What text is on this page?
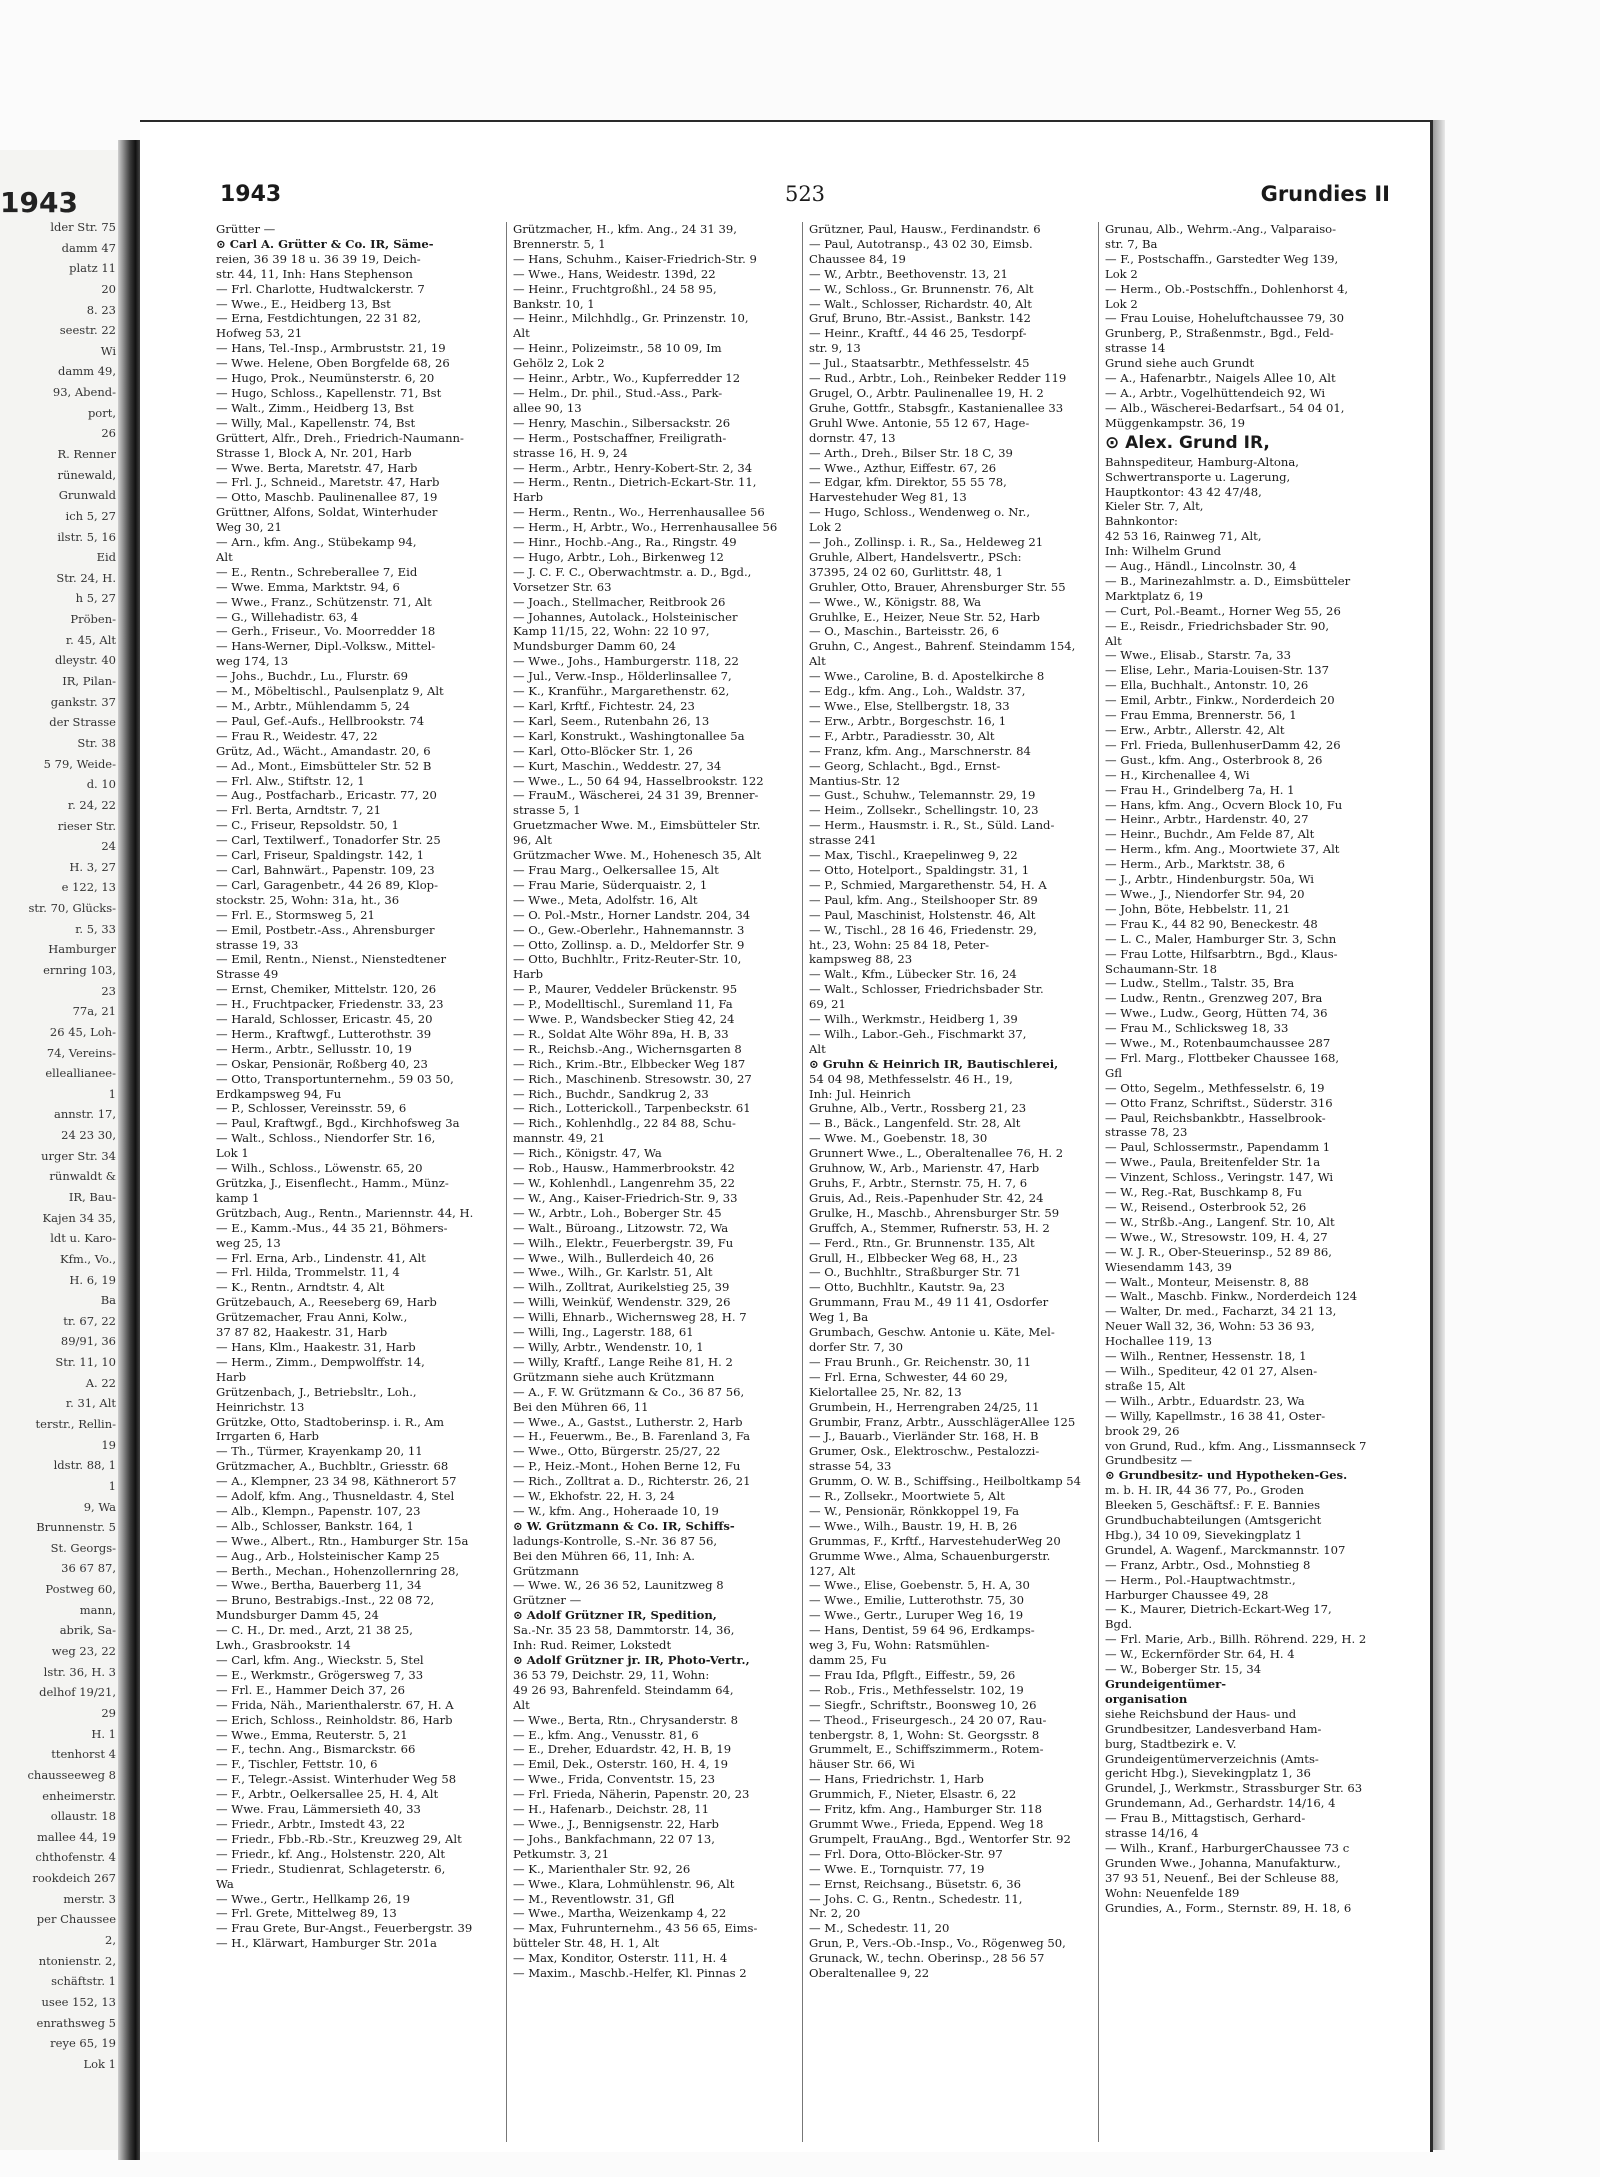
1943
lder Str. 75
damm 47
platz 11
20
8. 23
seestr. 22
Wi
damm 49,
93, Abend-
port,
26
R. Renner
rünewald,
Grunwald
ich 5, 27
ilstr. 5, 16
Eid
Str. 24, H.
h 5, 27
Pröben-
r. 45, Alt
dleystr. 40
IR, Pilan-
gankstr. 37
der Strasse
Str. 38
5 79, Weide-
d. 10
r. 24, 22
rieser Str.
24
H. 3, 27
e 122, 13
str. 70, Glücks-
r. 5, 33
Hamburger
ernring 103,
23
77a, 21
26 45, Loh-
74, Vereins-
elleallianee-
1
annstr. 17,
24 23 30,
urger Str. 34
rünwaldt &
IR, Bau-
Kajen 34 35,
ldt u. Karo-
Kfm., Vo.,
H. 6, 19
Ba
tr. 67, 22
89/91, 36
Str. 11, 10
A. 22
r. 31, Alt
terstr., Rellin-
19
ldstr. 88, 1
1
9, Wa
Brunnenstr. 5
St. Georgs-
36 67 87,
Postweg 60,
mann,
abrik, Sa-
weg 23, 22
lstr. 36, H. 3
delhof 19/21,
29
H. 1
ttenhorst 4
chausseeweg 8
enheimerstr.
ollaustr. 18
mallee 44, 19
chthofenstr. 4
rookdeich 267
merstr. 3
per Chaussee
2,
ntonienstr. 2,
schäftstr. 1
usee 152, 13
enrathsweg 5
reye 65, 19
Lok 1
1943	523	Grundies II
Grütter —
⊙ Carl A. Grütter & Co. IR, Säme-
reien, 36 39 18 u. 36 39 19, Deich-
str. 44, 11, Inh: Hans Stephenson
— Frl. Charlotte, Hudtwalckerstr. 7
— Wwe., E., Heidberg 13, Bst
— Erna, Festdichtungen, 22 31 82,
Hofweg 53, 21
— Hans, Tel.-Insp., Armbruststr. 21, 19
— Wwe. Helene, Oben Borgfelde 68, 26
— Hugo, Prok., Neumünsterstr. 6, 20
— Hugo, Schloss., Kapellenstr. 71, Bst
— Walt., Zimm., Heidberg 13, Bst
— Willy, Mal., Kapellenstr. 74, Bst
Grüttert, Alfr., Dreh., Friedrich-Naumann-
Strasse 1, Block A, Nr. 201, Harb
— Wwe. Berta, Maretstr. 47, Harb
— Frl. J., Schneid., Maretstr. 47, Harb
— Otto, Maschb. Paulinenallee 87, 19
Grüttner, Alfons, Soldat, Winterhuder
Weg 30, 21
— Arn., kfm. Ang., Stübekamp 94,
Alt
— E., Rentn., Schreberallee 7, Eid
— Wwe. Emma, Marktstr. 94, 6
— Wwe., Franz., Schützenstr. 71, Alt
— G., Willehadistr. 63, 4
— Gerh., Friseur., Vo. Moorredder 18
— Hans-Werner, Dipl.-Volksw., Mittel-
weg 174, 13
— Johs., Buchdr., Lu., Flurstr. 69
— M., Möbeltischl., Paulsenplatz 9, Alt
— M., Arbtr., Mühlendamm 5, 24
— Paul, Gef.-Aufs., Hellbrookstr. 74
— Frau R., Weidestr. 47, 22
Grütz, Ad., Wächt., Amandastr. 20, 6
— Ad., Mont., Eimsbütteler Str. 52 B
— Frl. Alw., Stiftstr. 12, 1
— Aug., Postfacharb., Ericastr. 77, 20
— Frl. Berta, Arndtstr. 7, 21
— C., Friseur, Repsoldstr. 50, 1
— Carl, Textilwerf., Tonadorfer Str. 25
— Carl, Friseur, Spaldingstr. 142, 1
— Carl, Bahnwärt., Papenstr. 109, 23
— Carl, Garagenbetr., 44 26 89, Klop-
stockstr. 25, Wohn: 31a, ht., 36
— Frl. E., Stormsweg 5, 21
— Emil, Postbetr.-Ass., Ahrensburger
strasse 19, 33
— Emil, Rentn., Nienst., Nienstedtener
Strasse 49
— Ernst, Chemiker, Mittelstr. 120, 26
— H., Fruchtpacker, Friedenstr. 33, 23
— Harald, Schlosser, Ericastr. 45, 20
— Herm., Kraftwgf., Lutterothstr. 39
— Herm., Arbtr., Sellusstr. 10, 19
— Oskar, Pensionär, Roßberg 40, 23
— Otto, Transportunternehm., 59 03 50,
Erdkampsweg 94, Fu
— P., Schlosser, Vereinsstr. 59, 6
— Paul, Kraftwgf., Bgd., Kirchhofsweg 3a
— Walt., Schloss., Niendorfer Str. 16,
Lok 1
— Wilh., Schloss., Löwenstr. 65, 20
Grützka, J., Eisenflecht., Hamm., Münz-
kamp 1
Grützbach, Aug., Rentn., Mariennstr. 44, H.
— E., Kamm.-Mus., 44 35 21, Böhmers-
weg 25, 13
— Frl. Erna, Arb., Lindenstr. 41, Alt
— Frl. Hilda, Trommelstr. 11, 4
— K., Rentn., Arndtstr. 4, Alt
Grützebauch, A., Reeseberg 69, Harb
Grützemacher, Frau Anni, Kolw.,
37 87 82, Haakestr. 31, Harb
— Hans, Klm., Haakestr. 31, Harb
— Herm., Zimm., Dempwolffstr. 14,
Harb
Grützenbach, J., Betriebsltr., Loh.,
Heinrichstr. 13
Grützke, Otto, Stadtoberinsp. i. R., Am
Irrgarten 6, Harb
— Th., Türmer, Krayenkamp 20, 11
Grützmacher, A., Buchbltr., Griesstr. 68
— A., Klempner, 23 34 98, Käthnerort 57
— Adolf, kfm. Ang., Thusneldastr. 4, Stel
— Alb., Klempn., Papenstr. 107, 23
— Alb., Schlosser, Bankstr. 164, 1
— Wwe., Albert., Rtn., Hamburger Str. 15a
— Aug., Arb., Holsteinischer Kamp 25
— Berth., Mechan., Hohenzollernring 28,
— Wwe., Bertha, Bauerberg 11, 34
— Bruno, Bestrabigs.-Inst., 22 08 72,
Mundsburger Damm 45, 24
— C. H., Dr. med., Arzt, 21 38 25,
Lwh., Grasbrookstr. 14
— Carl, kfm. Ang., Wieckstr. 5, Stel
— E., Werkmstr., Grögersweg 7, 33
— Frl. E., Hammer Deich 37, 26
— Frida, Näh., Marienthalerstr. 67, H. A
— Erich, Schloss., Reinholdstr. 86, Harb
— Wwe., Emma, Reuterstr. 5, 21
— F., techn. Ang., Bismarckstr. 66
— F., Tischler, Fettstr. 10, 6
— F., Telegr.-Assist. Winterhuder Weg 58
— F., Arbtr., Oelkersallee 25, H. 4, Alt
— Wwe. Frau, Lämmersieth 40, 33
— Friedr., Arbtr., Imstedt 43, 22
— Friedr., Fbb.-Rb.-Str., Kreuzweg 29, Alt
— Friedr., kf. Ang., Holstenstr. 220, Alt
— Friedr., Studienrat, Schlageterstr. 6,
Wa
— Wwe., Gertr., Hellkamp 26, 19
— Frl. Grete, Mittelweg 89, 13
— Frau Grete, Bur-Angst., Feuerbergstr. 39
— H., Klärwart, Hamburger Str. 201a
Grützmacher, H., kfm. Ang., 24 31 39,
Brennerstr. 5, 1
— Hans, Schuhm., Kaiser-Friedrich-Str. 9
— Wwe., Hans, Weidestr. 139d, 22
— Heinr., Fruchtgroßhl., 24 58 95,
Bankstr. 10, 1
— Heinr., Milchhdlg., Gr. Prinzenstr. 10,
Alt
— Heinr., Polizeimstr., 58 10 09, Im
Gehölz 2, Lok 2
— Heinr., Arbtr., Wo., Kupferredder 12
— Helm., Dr. phil., Stud.-Ass., Park-
allee 90, 13
— Henry, Maschin., Silbersackstr. 26
— Herm., Postschaffner, Freiligrath-
strasse 16, H. 9, 24
— Herm., Arbtr., Henry-Kobert-Str. 2, 34
— Herm., Rentn., Dietrich-Eckart-Str. 11,
Harb
— Herm., Rentn., Wo., Herrenhausallee 56
— Herm., H, Arbtr., Wo., Herrenhausallee 56
— Hinr., Hochb.-Ang., Ra., Ringstr. 49
— Hugo, Arbtr., Loh., Birkenweg 12
— J. C. F. C., Oberwachtmstr. a. D., Bgd.,
Vorsetzer Str. 63
— Joach., Stellmacher, Reitbrook 26
— Johannes, Autolack., Holsteinischer
Kamp 11/15, 22, Wohn: 22 10 97,
Mundsburger Damm 60, 24
— Wwe., Johs., Hamburgerstr. 118, 22
— Jul., Verw.-Insp., Hölderlinsallee 7,
— K., Kranführ., Margarethenstr. 62,
— Karl, Krftf., Fichtestr. 24, 23
— Karl, Seem., Rutenbahn 26, 13
— Karl, Konstrukt., Washingtonallee 5a
— Karl, Otto-Blöcker Str. 1, 26
— Kurt, Maschin., Weddestr. 27, 34
— Wwe., L., 50 64 94, Hasselbrookstr. 122
— FrauM., Wäscherei, 24 31 39, Brenner-
strasse 5, 1
Gruetzmacher Wwe. M., Eimsbütteler Str.
96, Alt
Grützmacher Wwe. M., Hohenesch 35, Alt
— Frau Marg., Oelkersallee 15, Alt
— Frau Marie, Süderquaistr. 2, 1
— Wwe., Meta, Adolfstr. 16, Alt
— O. Pol.-Mstr., Horner Landstr. 204, 34
— O., Gew.-Oberlehr., Hahnemannstr. 3
— Otto, Zollinsp. a. D., Meldorfer Str. 9
— Otto, Buchhltr., Fritz-Reuter-Str. 10,
Harb
— P., Maurer, Veddeler Brückenstr. 95
— P., Modelltischl., Suremland 11, Fa
— Wwe. P., Wandsbecker Stieg 42, 24
— R., Soldat Alte Wöhr 89a, H. B, 33
— R., Reichsb.-Ang., Wichernsgarten 8
— Rich., Krim.-Btr., Elbbecker Weg 187
— Rich., Maschinenb. Stresowstr. 30, 27
— Rich., Buchdr., Sandkrug 2, 33
— Rich., Lotterickoll., Tarpenbeckstr. 61
— Rich., Kohlenhdlg., 22 84 88, Schu-
mannstr. 49, 21
— Rich., Königstr. 47, Wa
— Rob., Hausw., Hammerbrookstr. 42
— W., Kohlenhdl., Langenrehm 35, 22
— W., Ang., Kaiser-Friedrich-Str. 9, 33
— W., Arbtr., Loh., Boberger Str. 45
— Walt., Büroang., Litzowstr. 72, Wa
— Wilh., Elektr., Feuerbergstr. 39, Fu
— Wwe., Wilh., Bullerdeich 40, 26
— Wwe., Wilh., Gr. Karlstr. 51, Alt
— Wilh., Zolltrat, Aurikelstieg 25, 39
— Willi, Weinküf, Wendenstr. 329, 26
— Willi, Ehnarb., Wichernsweg 28, H. 7
— Willi, Ing., Lagerstr. 188, 61
— Willy, Arbtr., Wendenstr. 10, 1
— Willy, Kraftf., Lange Reihe 81, H. 2
Grützmann siehe auch Krützmann
— A., F. W. Grützmann & Co., 36 87 56,
Bei den Mühren 66, 11
— Wwe., A., Gastst., Lutherstr. 2, Harb
— H., Feuerwm., Be., B. Farenland 3, Fa
— Wwe., Otto, Bürgerstr. 25/27, 22
— P., Heiz.-Mont., Hohen Berne 12, Fu
— Rich., Zolltrat a. D., Richterstr. 26, 21
— W., Ekhofstr. 22, H. 3, 24
— W., kfm. Ang., Hoheraade 10, 19
⊙ W. Grützmann & Co. IR, Schiffs-
ladungs-Kontrolle, S.-Nr. 36 87 56,
Bei den Mühren 66, 11, Inh: A.
Grützmann
— Wwe. W., 26 36 52, Launitzweg 8
Grützner —
⊙ Adolf Grützner IR, Spedition,
Sa.-Nr. 35 23 58, Dammtorstr. 14, 36,
Inh: Rud. Reimer, Lokstedt
⊙ Adolf Grützner jr. IR, Photo-Vertr.,
36 53 79, Deichstr. 29, 11, Wohn:
49 26 93, Bahrenfeld. Steindamm 64,
Alt
— Wwe., Berta, Rtn., Chrysanderstr. 8
— E., kfm. Ang., Venusstr. 81, 6
— E., Dreher, Eduardstr. 42, H. B, 19
— Emil, Dek., Osterstr. 160, H. 4, 19
— Wwe., Frida, Conventstr. 15, 23
— Frl. Frieda, Näherin, Papenstr. 20, 23
— H., Hafenarb., Deichstr. 28, 11
— Wwe., J., Bennigsenstr. 22, Harb
— Johs., Bankfachmann, 22 07 13,
Petkumstr. 3, 21
— K., Marienthaler Str. 92, 26
— Wwe., Klara, Lohmühlenstr. 96, Alt
— M., Reventlowstr. 31, Gfl
— Wwe., Martha, Weizenkamp 4, 22
— Max, Fuhrunternehm., 43 56 65, Eims-
bütteler Str. 48, H. 1, Alt
— Max, Konditor, Osterstr. 111, H. 4
— Maxim., Maschb.-Helfer, Kl. Pinnas 2
Grützner, Paul, Hausw., Ferdinandstr. 6
— Paul, Autotransp., 43 02 30, Eimsb.
Chaussee 84, 19
— W., Arbtr., Beethovenstr. 13, 21
— W., Schloss., Gr. Brunnenstr. 76, Alt
— Walt., Schlosser, Richardstr. 40, Alt
Gruf, Bruno, Btr.-Assist., Bankstr. 142
— Heinr., Kraftf., 44 46 25, Tesdorpf-
str. 9, 13
— Jul., Staatsarbtr., Methfesselstr. 45
— Rud., Arbtr., Loh., Reinbeker Redder 119
Grugel, O., Arbtr. Paulinenallee 19, H. 2
Gruhe, Gottfr., Stabsgfr., Kastanienallee 33
Gruhl Wwe. Antonie, 55 12 67, Hage-
dornstr. 47, 13
— Arth., Dreh., Bilser Str. 18 C, 39
— Wwe., Azthur, Eiffestr. 67, 26
— Edgar, kfm. Direktor, 55 55 78,
Harvestehuder Weg 81, 13
— Hugo, Schloss., Wendenweg o. Nr.,
Lok 2
— Joh., Zollinsp. i. R., Sa., Heldeweg 21
Gruhle, Albert, Handelsvertr., PSch:
37395, 24 02 60, Gurlittstr. 48, 1
Gruhler, Otto, Brauer, Ahrensburger Str. 55
— Wwe., W., Königstr. 88, Wa
Gruhlke, E., Heizer, Neue Str. 52, Harb
— O., Maschin., Barteisstr. 26, 6
Gruhn, C., Angest., Bahrenf. Steindamm 154,
Alt
— Wwe., Caroline, B. d. Apostelkirche 8
— Edg., kfm. Ang., Loh., Waldstr. 37,
— Wwe., Else, Stellbergstr. 18, 33
— Erw., Arbtr., Borgeschstr. 16, 1
— F., Arbtr., Paradiesstr. 30, Alt
— Franz, kfm. Ang., Marschnerstr. 84
— Georg, Schlacht., Bgd., Ernst-
Mantius-Str. 12
— Gust., Schuhw., Telemannstr. 29, 19
— Heim., Zollsekr., Schellingstr. 10, 23
— Herm., Hausmstr. i. R., St., Süld. Land-
strasse 241
— Max, Tischl., Kraepelinweg 9, 22
— Otto, Hotelport., Spaldingstr. 31, 1
— P., Schmied, Margarethenstr. 54, H. A
— Paul, kfm. Ang., Steilshooper Str. 89
— Paul, Maschinist, Holstenstr. 46, Alt
— W., Tischl., 28 16 46, Friedenstr. 29,
ht., 23, Wohn: 25 84 18, Peter-
kampsweg 88, 23
— Walt., Kfm., Lübecker Str. 16, 24
— Walt., Schlosser, Friedrichsbader Str.
69, 21
— Wilh., Werkmstr., Heidberg 1, 39
— Wilh., Labor.-Geh., Fischmarkt 37,
Alt
⊙ Gruhn & Heinrich IR, Bautischlerei,
54 04 98, Methfesselstr. 46 H., 19,
Inh: Jul. Heinrich
Gruhne, Alb., Vertr., Rossberg 21, 23
— B., Bäck., Langenfeld. Str. 28, Alt
— Wwe. M., Goebenstr. 18, 30
Grunnert Wwe., L., Oberaltenallee 76, H. 2
Gruhnow, W., Arb., Marienstr. 47, Harb
Gruhs, F., Arbtr., Sternstr. 75, H. 7, 6
Gruis, Ad., Reis.-Papenhuder Str. 42, 24
Grulke, H., Maschb., Ahrensburger Str. 59
Gruffch, A., Stemmer, Rufnerstr. 53, H. 2
— Ferd., Rtn., Gr. Brunnenstr. 135, Alt
Grull, H., Elbbecker Weg 68, H., 23
— O., Buchhltr., Straßburger Str. 71
— Otto, Buchhltr., Kautstr. 9a, 23
Grummann, Frau M., 49 11 41, Osdorfer
Weg 1, Ba
Grumbach, Geschw. Antonie u. Käte, Mel-
dorfer Str. 7, 30
— Frau Brunh., Gr. Reichenstr. 30, 11
— Frl. Erna, Schwester, 44 60 29,
Kielortallee 25, Nr. 82, 13
Grumbein, H., Herrengraben 24/25, 11
Grumbir, Franz, Arbtr., AusschlägerAllee 125
— J., Bauarb., Vierländer Str. 168, H. B
Grumer, Osk., Elektroschw., Pestalozzi-
strasse 54, 33
Grumm, O. W. B., Schiffsing., Heilboltkamp 54
— R., Zollsekr., Moortwiete 5, Alt
— W., Pensionär, Rönkkoppel 19, Fa
— Wwe., Wilh., Baustr. 19, H. B, 26
Grummas, F., Krftf., HarvestehuderWeg 20
Grumme Wwe., Alma, Schauenburgerstr.
127, Alt
— Wwe., Elise, Goebenstr. 5, H. A, 30
— Wwe., Emilie, Lutterothstr. 75, 30
— Wwe., Gertr., Luruper Weg 16, 19
— Hans, Dentist, 59 64 96, Erdkamps-
weg 3, Fu, Wohn: Ratsmühlen-
damm 25, Fu
— Frau Ida, Pflgft., Eiffestr., 59, 26
— Rob., Fris., Methfesselstr. 102, 19
— Siegfr., Schriftstr., Boonsweg 10, 26
— Theod., Friseurgesch., 24 20 07, Rau-
tenbergstr. 8, 1, Wohn: St. Georgsstr. 8
Grummelt, E., Schiffszimmerm., Rotem-
häuser Str. 66, Wi
— Hans, Friedrichstr. 1, Harb
Grummich, F., Nieter, Elsastr. 6, 22
— Fritz, kfm. Ang., Hamburger Str. 118
Grummt Wwe., Frieda, Eppend. Weg 18
Grumpelt, FrauAng., Bgd., Wentorfer Str. 92
— Frl. Dora, Otto-Blöcker-Str. 97
— Wwe. E., Tornquistr. 77, 19
— Ernst, Reichsang., Büsetstr. 6, 36
— Johs. C. G., Rentn., Schedestr. 11,
Nr. 2, 20
— M., Schedestr. 11, 20
Grun, P., Vers.-Ob.-Insp., Vo., Rögenweg 50,
Grunack, W., techn. Oberinsp., 28 56 57
Oberaltenallee 9, 22
Grunau, Alb., Wehrm.-Ang., Valparaiso-
str. 7, Ba
— F., Postschaffn., Garstedter Weg 139,
Lok 2
— Herm., Ob.-Postschffn., Dohlenhorst 4,
Lok 2
— Frau Louise, Hoheluftchaussee 79, 30
Grunberg, P., Straßenmstr., Bgd., Feld-
strasse 14
Grund siehe auch Grundt
— A., Hafenarbtr., Naigels Allee 10, Alt
— A., Arbtr., Vogelhüttendeich 92, Wi
— Alb., Wäscherei-Bedarfsart., 54 04 01,
Müggenkampstr. 36, 19
⊙ Alex. Grund IR,
Bahnspediteur, Hamburg-Altona,
Schwertransporte u. Lagerung,
Hauptkontor: 43 42 47/48,
Kieler Str. 7, Alt,
Bahnkontor:
42 53 16, Rainweg 71, Alt,
Inh: Wilhelm Grund
— Aug., Händl., Lincolnstr. 30, 4
— B., Marinezahlmstr. a. D., Eimsbütteler
Marktplatz 6, 19
— Curt, Pol.-Beamt., Horner Weg 55, 26
— E., Reisdr., Friedrichsbader Str. 90,
Alt
— Wwe., Elisab., Starstr. 7a, 33
— Elise, Lehr., Maria-Louisen-Str. 137
— Ella, Buchhalt., Antonstr. 10, 26
— Emil, Arbtr., Finkw., Norderdeich 20
— Frau Emma, Brennerstr. 56, 1
— Erw., Arbtr., Allerstr. 42, Alt
— Frl. Frieda, BullenhuserDamm 42, 26
— Gust., kfm. Ang., Osterbrook 8, 26
— H., Kirchenallee 4, Wi
— Frau H., Grindelberg 7a, H. 1
— Hans, kfm. Ang., Ocvern Block 10, Fu
— Heinr., Arbtr., Hardenstr. 40, 27
— Heinr., Buchdr., Am Felde 87, Alt
— Herm., kfm. Ang., Moortwiete 37, Alt
— Herm., Arb., Marktstr. 38, 6
— J., Arbtr., Hindenburgstr. 50a, Wi
— Wwe., J., Niendorfer Str. 94, 20
— John, Böte, Hebbelstr. 11, 21
— Frau K., 44 82 90, Beneckestr. 48
— L. C., Maler, Hamburger Str. 3, Schn
— Frau Lotte, Hilfsarbtrn., Bgd., Klaus-
Schaumann-Str. 18
— Ludw., Stellm., Talstr. 35, Bra
— Ludw., Rentn., Grenzweg 207, Bra
— Wwe., Ludw., Georg, Hütten 74, 36
— Frau M., Schlicksweg 18, 33
— Wwe., M., Rotenbaumchaussee 287
— Frl. Marg., Flottbeker Chaussee 168,
Gfl
— Otto, Segelm., Methfesselstr. 6, 19
— Otto Franz, Schriftst., Süderstr. 316
— Paul, Reichsbankbtr., Hasselbrook-
strasse 78, 23
— Paul, Schlossermstr., Papendamm 1
— Wwe., Paula, Breitenfelder Str. 1a
— Vinzent, Schloss., Veringstr. 147, Wi
— W., Reg.-Rat, Buschkamp 8, Fu
— W., Reisend., Osterbrook 52, 26
— W., Strßb.-Ang., Langenf. Str. 10, Alt
— Wwe., W., Stresowstr. 109, H. 4, 27
— W. J. R., Ober-Steuerinsp., 52 89 86,
Wiesendamm 143, 39
— Walt., Monteur, Meisenstr. 8, 88
— Walt., Maschb. Finkw., Norderdeich 124
— Walter, Dr. med., Facharzt, 34 21 13,
Neuer Wall 32, 36, Wohn: 53 36 93,
Hochallee 119, 13
— Wilh., Rentner, Hessenstr. 18, 1
— Wilh., Spediteur, 42 01 27, Alsen-
straße 15, Alt
— Wilh., Arbtr., Eduardstr. 23, Wa
— Willy, Kapellmstr., 16 38 41, Oster-
brook 29, 26
von Grund, Rud., kfm. Ang., Lissmannseck 7
Grundbesitz —
⊙ Grundbesitz- und Hypotheken-Ges.
m. b. H. IR, 44 36 77, Po., Groden
Bleeken 5, Geschäftsf.: F. E. Bannies
Grundbuchabteilungen (Amtsgericht
Hbg.), 34 10 09, Sievekingplatz 1
Grundel, A. Wagenf., Marckmannstr. 107
— Franz, Arbtr., Osd., Mohnstieg 8
— Herm., Pol.-Hauptwachtmstr.,
Harburger Chaussee 49, 28
— K., Maurer, Dietrich-Eckart-Weg 17,
Bgd.
— Frl. Marie, Arb., Billh. Röhrend. 229, H. 2
— W., Eckernförder Str. 64, H. 4
— W., Boberger Str. 15, 34
Grundeigentümer-
organisation
siehe Reichsbund der Haus- und
Grundbesitzer, Landesverband Ham-
burg, Stadtbezirk e. V.
Grundeigentümerverzeichnis (Amts-
gericht Hbg.), Sievekingplatz 1, 36
Grundel, J., Werkmstr., Strassburger Str. 63
Grundemann, Ad., Gerhardstr. 14/16, 4
— Frau B., Mittagstisch, Gerhard-
strasse 14/16, 4
— Wilh., Kranf., HarburgerChaussee 73 c
Grunden Wwe., Johanna, Manufakturw.,
37 93 51, Neuenf., Bei der Schleuse 88,
Wohn: Neuenfelde 189
Grundies, A., Form., Sternstr. 89, H. 18, 6
